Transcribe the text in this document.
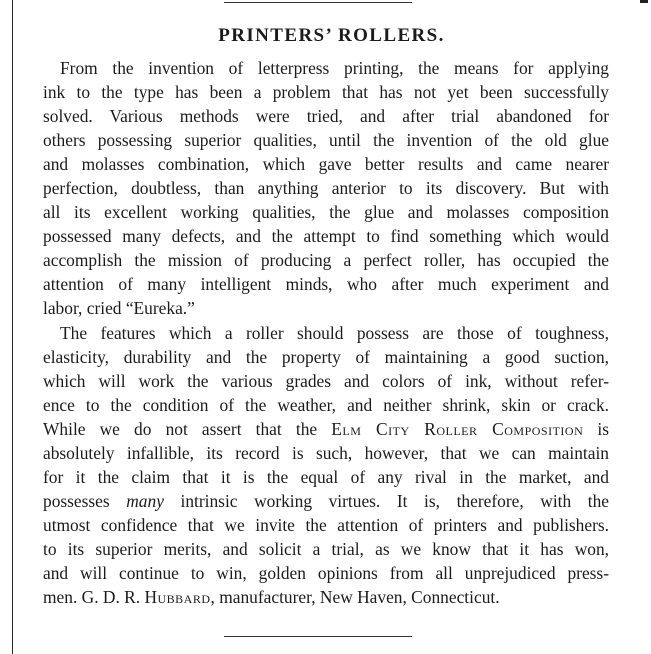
PRINTERS’ ROLLERS.

From the invention of letterpress printing, the means for applying

ink to the type has been a problem that has not yet been successfully

solved. Various methods were tried, and after trial abandoned for

others possessing superior qualities, until the invention of the old glue

and molasses combination, which gave better results and came nearer

perfection, doubtless, than anything anterior to its discovery. But with

all its excellent working qualities, the glue and molasses composition

possessed many defects, and the attempt to find something which would

accomplish the mission of producing a perfect roller, has occupied the

attention of many intelligent minds, who after much experiment and

labor, cried “Eureka.”

The features which a roller should possess are those of toughness,

elasticity, durability and the property of maintaining a good suction,

which will work the various grades and colors of ink, without refer-

ence to the condition of the weather, and neither shrink, skin or crack.

While we do not assert that the Elm City Roller Composition is

absolutely infallible, its record is such, however, that we can maintain

for it the claim that it is the equal of any rival in the market, and

possesses many intrinsic working virtues. It is, therefore, with the

utmost confidence that we invite the attention of printers and publishers.

to its superior merits, and solicit a trial, as we know that it has won,

and will continue to win, golden opinions from all unprejudiced press-

men. G. D. R. Hubbard, manufacturer, New Haven, Connecticut.
